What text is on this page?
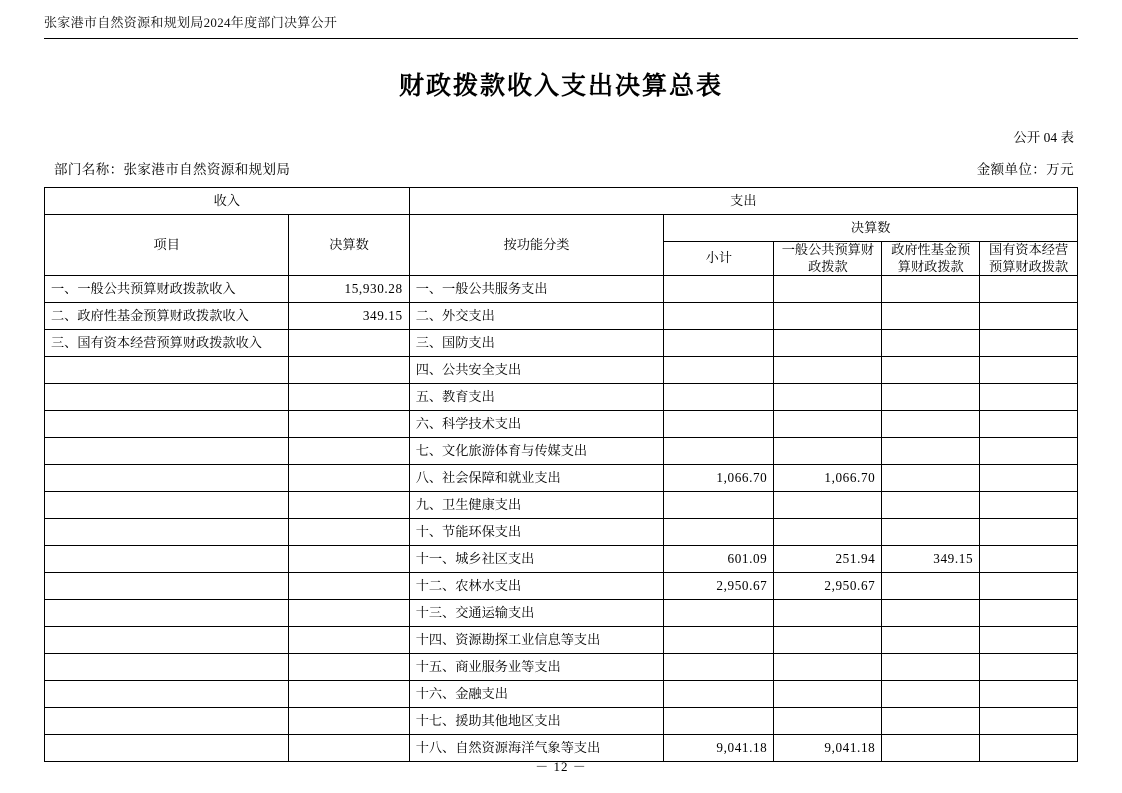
张家港市自然资源和规划局2024年度部门决算公开
财政拨款收入支出决算总表
公开 04 表
部门名称：张家港市自然资源和规划局	金额单位：万元
收入		支出				
项目	决算数	按功能分类	决算数			
			小计	一般公共预算财政拨款	政府性基金预算财政拨款	国有资本经营预算财政拨款
一、一般公共预算财政拨款收入	15,930.28	一、一般公共服务支出				
二、政府性基金预算财政拨款收入	349.15	二、外交支出				
三、国有资本经营预算财政拨款收入		三、国防支出				
		四、公共安全支出				
		五、教育支出				
		六、科学技术支出				
		七、文化旅游体育与传媒支出				
		八、社会保障和就业支出	1,066.70	1,066.70		
		九、卫生健康支出				
		十、节能环保支出				
		十一、城乡社区支出	601.09	251.94	349.15	
		十二、农林水支出	2,950.67	2,950.67		
		十三、交通运输支出				
		十四、资源勘探工业信息等支出				
		十五、商业服务业等支出				
		十六、金融支出				
		十七、援助其他地区支出				
		十八、自然资源海洋气象等支出	9,041.18	9,041.18		
－ 12 －
